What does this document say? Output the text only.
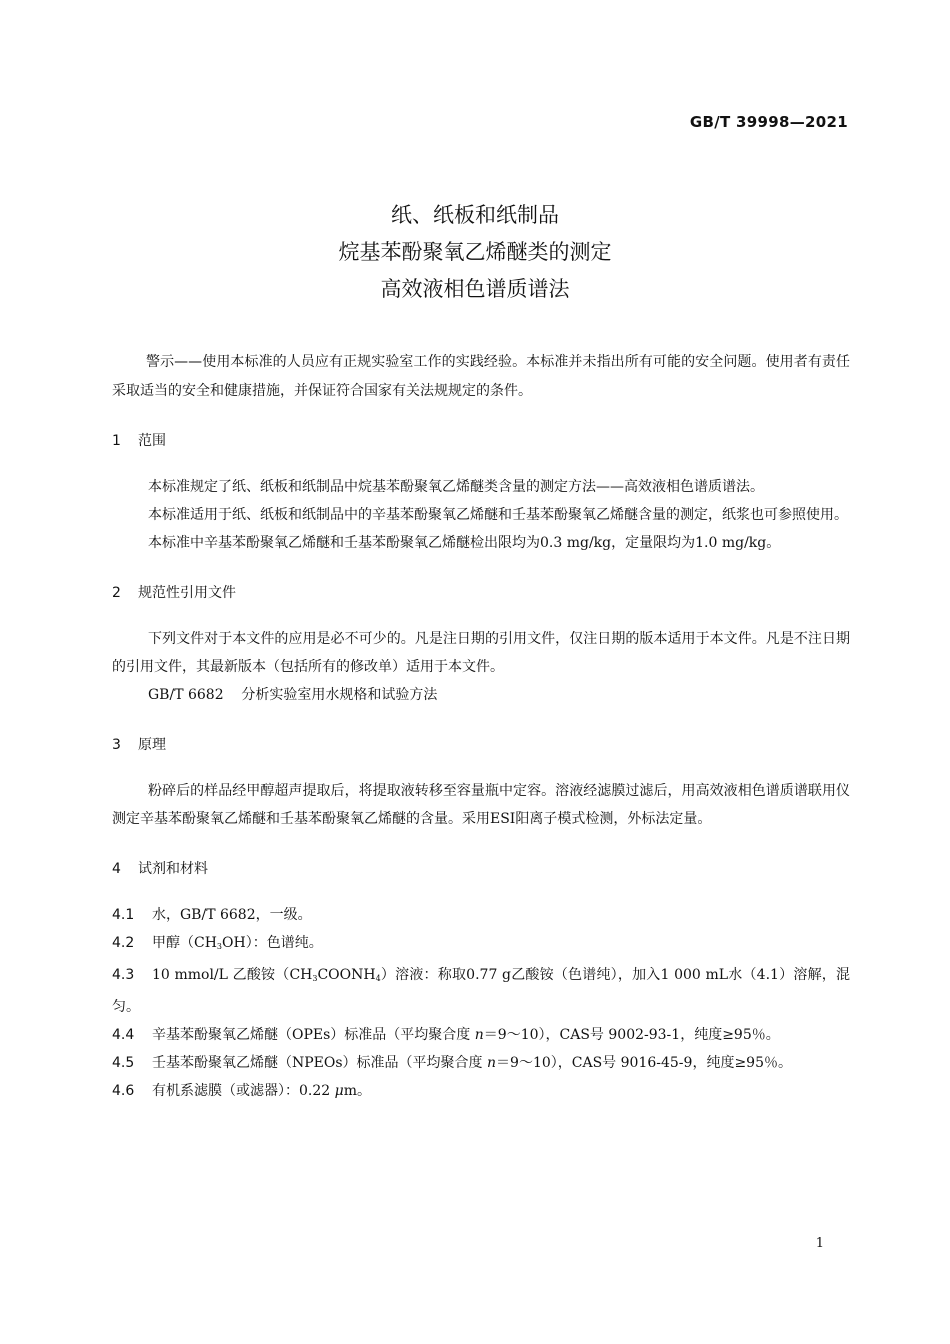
GB/T 39998—2021
纸、纸板和纸制品
烷基苯酚聚氧乙烯醚类的测定
高效液相色谱质谱法
警示——使用本标准的人员应有正规实验室工作的实践经验。本标准并未指出所有可能的安全问题。使用者有责任采取适当的安全和健康措施，并保证符合国家有关法规规定的条件。
1 范围

本标准规定了纸、纸板和纸制品中烷基苯酚聚氧乙烯醚类含量的测定方法——高效液相色谱质谱法。

本标准适用于纸、纸板和纸制品中的辛基苯酚聚氧乙烯醚和壬基苯酚聚氧乙烯醚含量的测定，纸浆也可参照使用。

本标准中辛基苯酚聚氧乙烯醚和壬基苯酚聚氧乙烯醚检出限均为0.3 mg/kg，定量限均为1.0 mg/kg。

2 规范性引用文件

下列文件对于本文件的应用是必不可少的。凡是注日期的引用文件，仅注日期的版本适用于本文件。凡是不注日期的引用文件，其最新版本（包括所有的修改单）适用于本文件。

GB/T 6682 分析实验室用水规格和试验方法

3 原理

粉碎后的样品经甲醇超声提取后，将提取液转移至容量瓶中定容。溶液经滤膜过滤后，用高效液相色谱质谱联用仪测定辛基苯酚聚氧乙烯醚和壬基苯酚聚氧乙烯醚的含量。采用ESI阳离子模式检测，外标法定量。

4 试剂和材料
4.1 水，GB/T 6682，一级。
4.2 甲醇$(CH_3OH)$：色谱纯。
4.3 10 mmol/L 乙酸铵$(CH_3COONH_4)$溶液：称取0.77 g乙酸铵（色谱纯），加入1 000 mL水（4.1）溶解，混匀。
4.4 辛基苯酚聚氧乙烯醚（OPEs）标准品（平均聚合度 n＝9～10），CAS号 9002-93-1，纯度≥95％。
4.5 壬基苯酚聚氧乙烯醚（NPEOs）标准品（平均聚合度 n＝9～10），CAS号 9016-45-9，纯度≥95％。
4.6 有机系滤膜（或滤器）：0.22 μm。
1
